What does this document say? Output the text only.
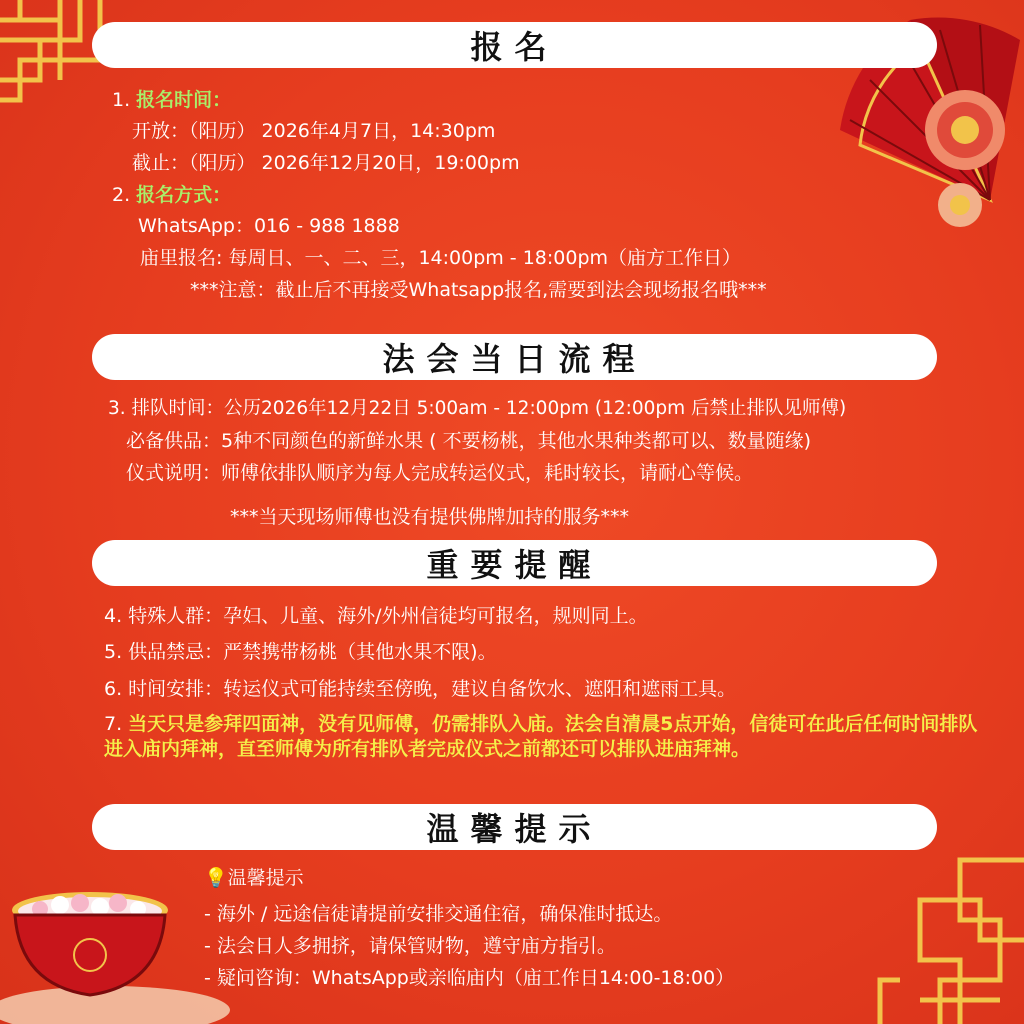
报名
1. 报名时间：
开放：（阳历） 2026年4月7日，14:30pm
截止：（阳历） 2026年12月20日，19:00pm
2. 报名方式：
WhatsApp：016 - 988 1888
庙里报名: 每周日、一、二、三，14:00pm - 18:00pm（庙方工作日）
***注意：截止后不再接受Whatsapp报名,需要到法会现场报名哦***
法会当日流程
3. 排队时间：公历2026年12月22日 5:00am - 12:00pm (12:00pm 后禁止排队见师傅)
必备供品：5种不同颜色的新鲜水果 ( 不要杨桃，其他水果种类都可以、数量随缘)
仪式说明：师傅依排队顺序为每人完成转运仪式，耗时较长，请耐心等候。
***当天现场师傅也没有提供佛牌加持的服务***
重要提醒
4. 特殊人群：孕妇、儿童、海外/外州信徒均可报名，规则同上。
5. 供品禁忌：严禁携带杨桃（其他水果不限)。
6. 时间安排：转运仪式可能持续至傍晚，建议自备饮水、遮阳和遮雨工具。
7. 当天只是参拜四面神，没有见师傅，仍需排队入庙。法会自清晨5点开始，信徒可在此后任何时间排队进入庙内拜神，直至师傅为所有排队者完成仪式之前都还可以排队进庙拜神。
温馨提示
💡温馨提示
- 海外 / 远途信徒请提前安排交通住宿，确保准时抵达。
- 法会日人多拥挤，请保管财物，遵守庙方指引。
- 疑问咨询：WhatsApp或亲临庙内（庙工作日14:00-18:00）
